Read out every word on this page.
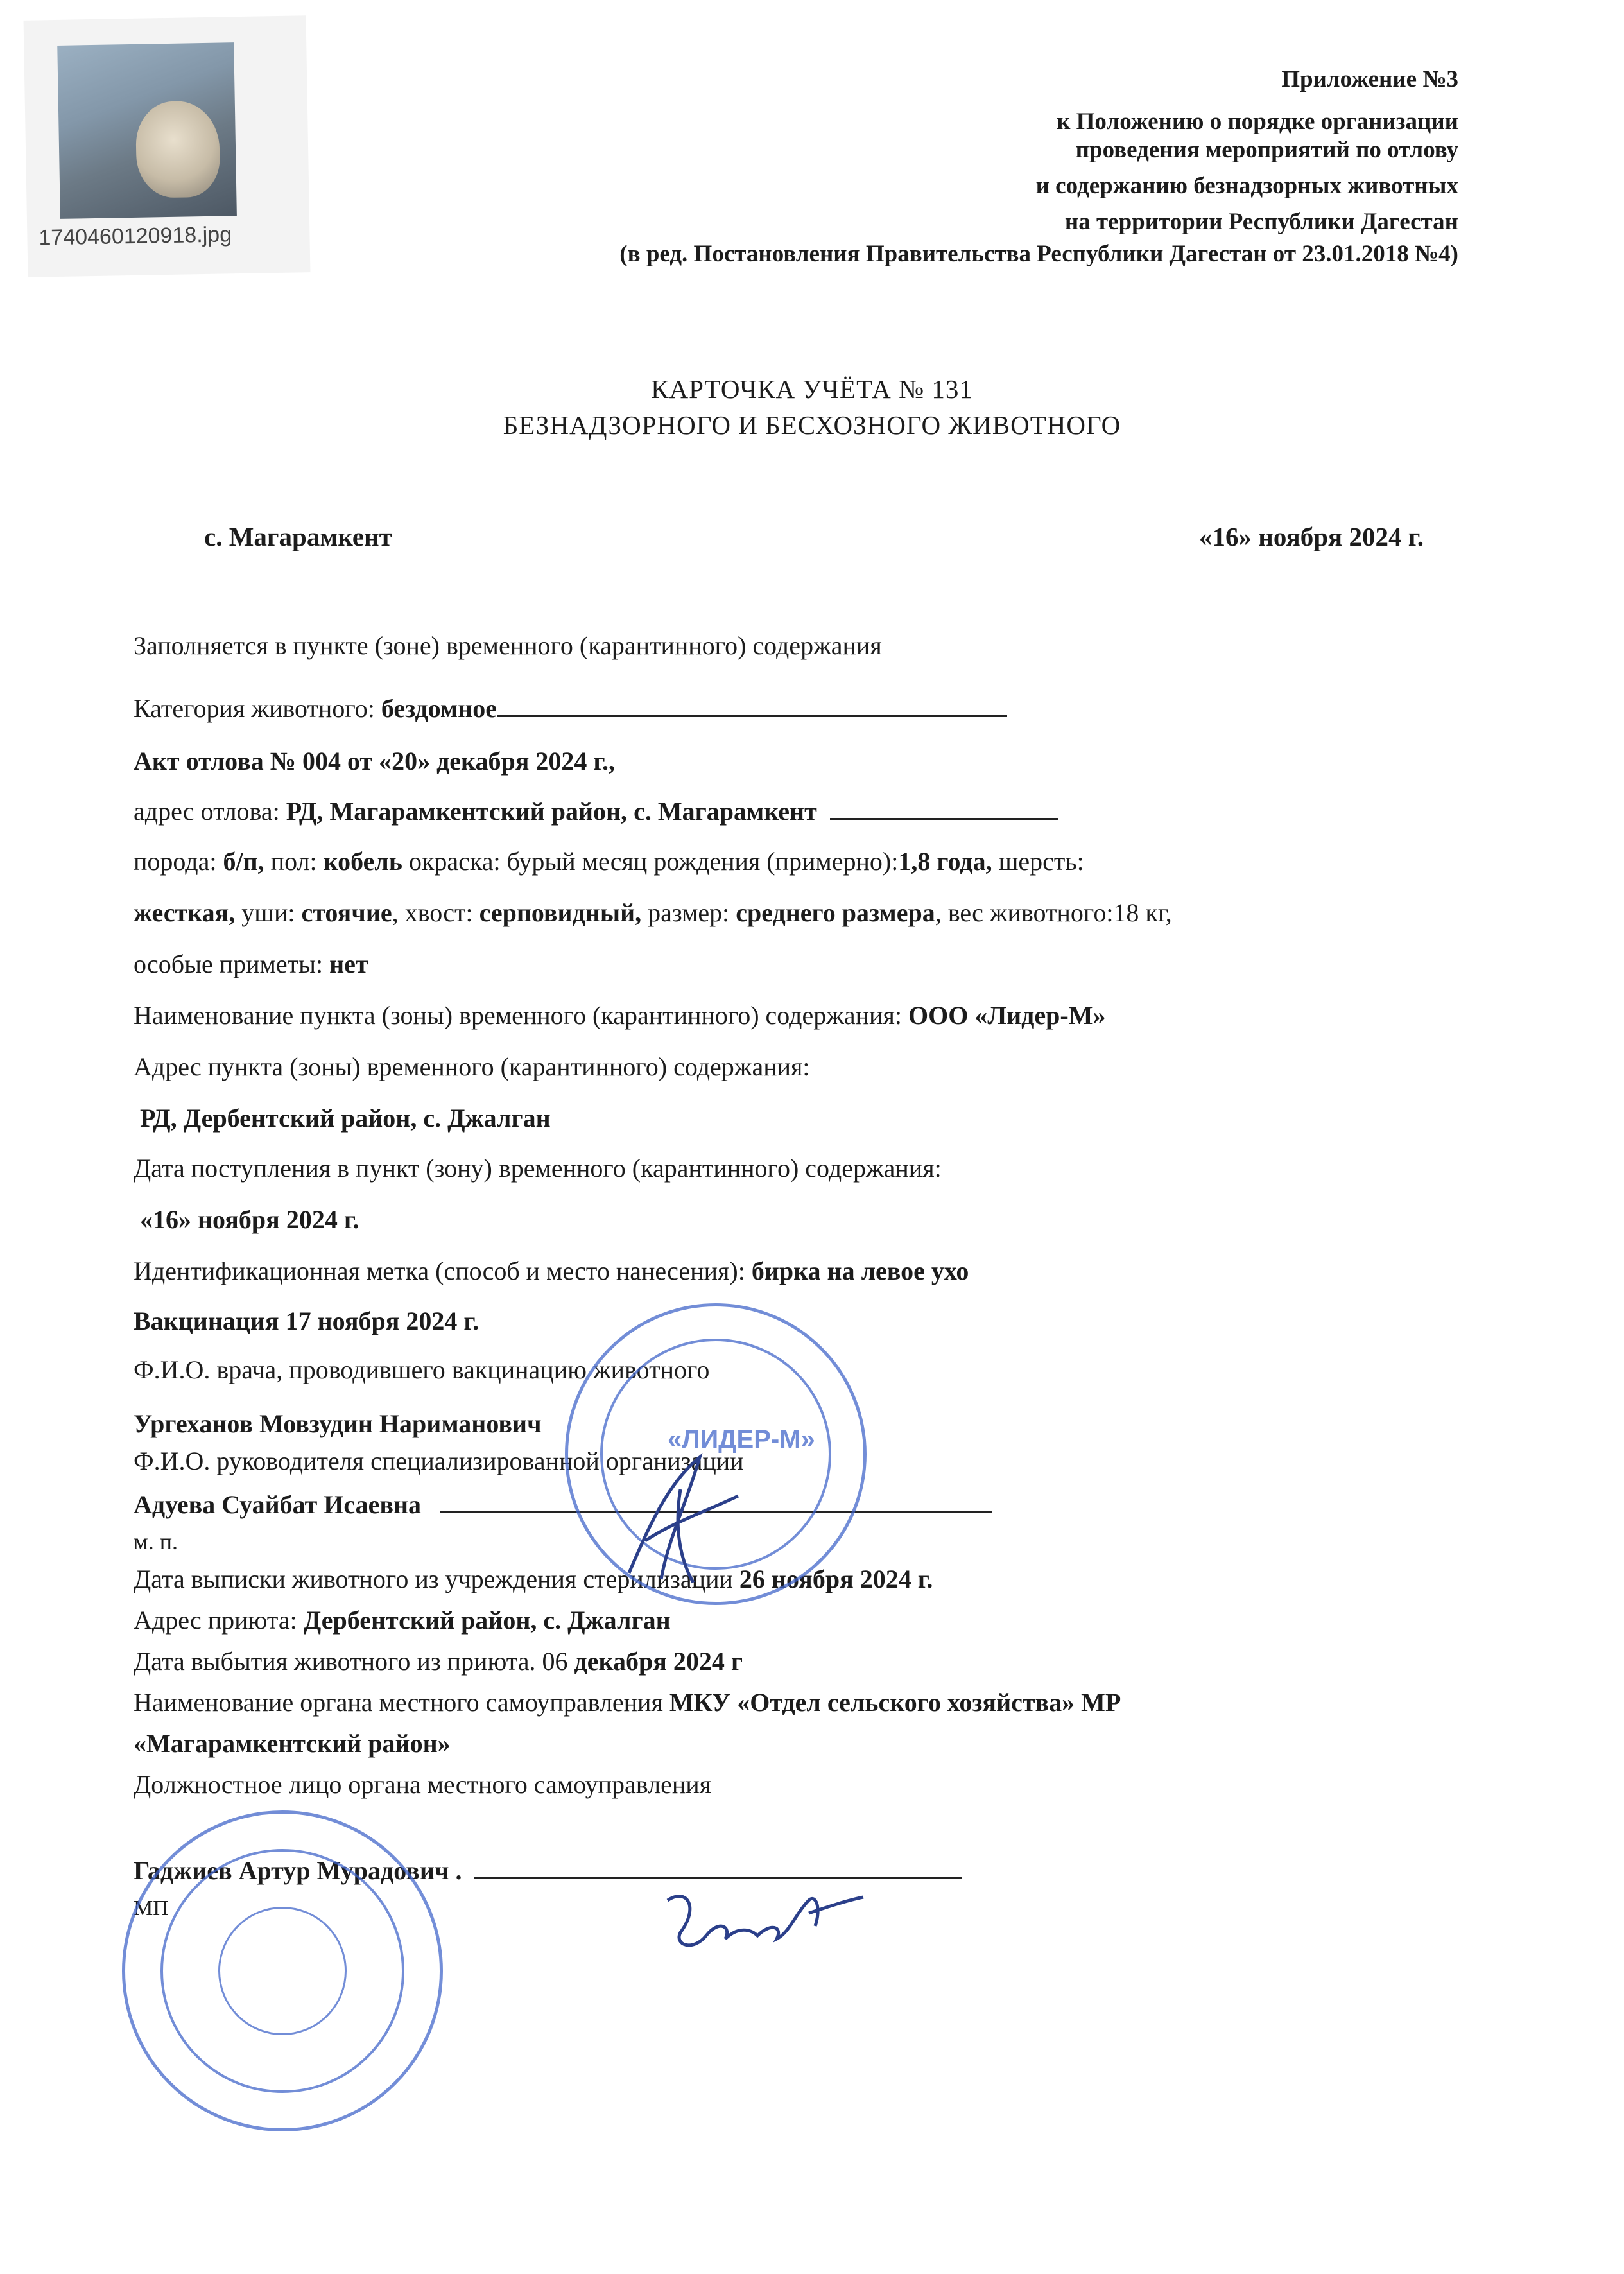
1740460120918.jpg
Приложение №3
к Положению о порядке организации
проведения мероприятий по отлову
и содержанию безнадзорных животных
на территории Республики Дагестан
(в ред. Постановления Правительства Республики Дагестан от 23.01.2018 №4)
КАРТОЧКА УЧЁТА № 131
БЕЗНАДЗОРНОГО И БЕСХОЗНОГО ЖИВОТНОГО
с. Магарамкент	«16» ноября 2024 г.
Заполняется в пункте (зоне) временного (карантинного) содержания
Категория животного: бездомное
Акт отлова № 004 от «20» декабря 2024 г.,
адрес отлова: РД, Магарамкентский район, с. Магарамкент
порода: б/п, пол: кобель окраска: бурый месяц рождения (примерно):1,8 года, шерсть:
жесткая, уши: стоячие, хвост: серповидный, размер: среднего размера, вес животного:18 кг,
особые приметы: нет
Наименование пункта (зоны) временного (карантинного) содержания: ООО «Лидер-М»
Адрес пункта (зоны) временного (карантинного) содержания:
РД, Дербентский район, с. Джалган
Дата поступления в пункт (зону) временного (карантинного) содержания:
«16» ноября 2024 г.
Идентификационная метка (способ и место нанесения): бирка на левое ухо
Вакцинация 17 ноября 2024 г.
Ф.И.О. врача, проводившего вакцинацию животного
Ургеханов Мовзудин Нариманович
Ф.И.О. руководителя специализированной организации
Адуева Суайбат Исаевна
м. п.
Дата выписки животного из учреждения стерилизации 26 ноября 2024 г.
Адрес приюта: Дербентский район, с. Джалган
Дата выбытия животного из приюта. 06 декабря 2024 г
Наименование органа местного самоуправления МКУ «Отдел сельского хозяйства» МР
«Магарамкентский район»
Должностное лицо органа местного самоуправления
Гаджиев Артур Мурадович .
МП
«ЛИДЕР-М»
